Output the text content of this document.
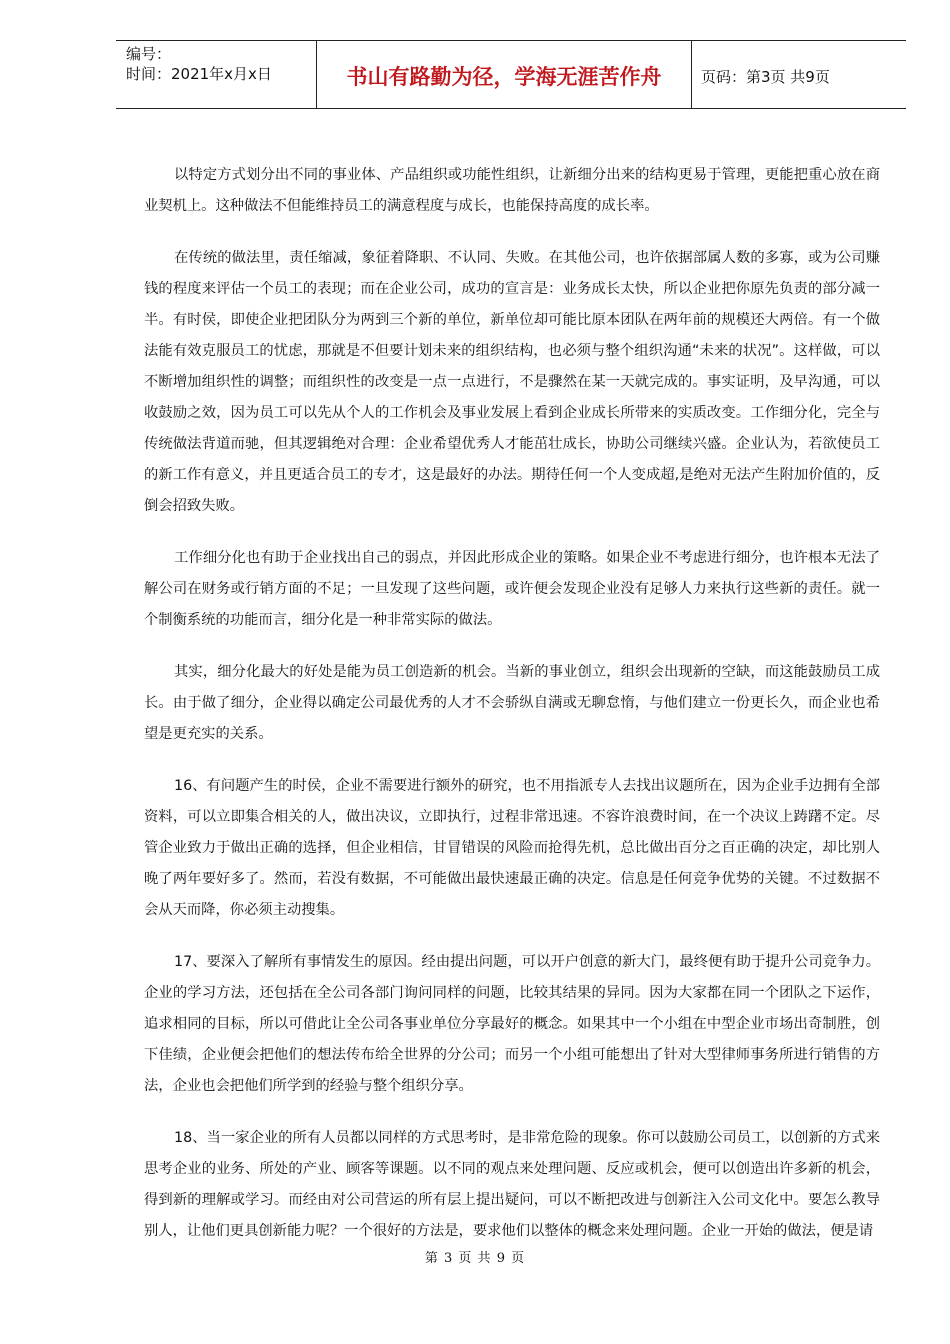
编号：
时间：2021年x月x日	书山有路勤为径，学海无涯苦作舟	页码：第3页 共9页

以特定方式划分出不同的事业体、产品组织或功能性组织，让新细分出来的结构更易于管理，更能把重心放在商业契机上。这种做法不但能维持员工的满意程度与成长，也能保持高度的成长率。

在传统的做法里，责任缩减，象征着降职、不认同、失败。在其他公司，也许依据部属人数的多寡，或为公司赚钱的程度来评估一个员工的表现；而在企业公司，成功的宣言是：业务成长太快，所以企业把你原先负责的部分减一半。有时侯，即使企业把团队分为两到三个新的单位，新单位却可能比原本团队在两年前的规模还大两倍。有一个做法能有效克服员工的忧虑，那就是不但要计划未来的组织结构，也必须与整个组织沟通“未来的状况”。这样做，可以不断增加组织性的调整；而组织性的改变是一点一点进行，不是骤然在某一天就完成的。事实证明，及早沟通，可以收鼓励之效，因为员工可以先从个人的工作机会及事业发展上看到企业成长所带来的实质改变。工作细分化，完全与传统做法背道而驰，但其逻辑绝对合理：企业希望优秀人才能茁壮成长，协助公司继续兴盛。企业认为，若欲使员工的新工作有意义，并且更适合员工的专才，这是最好的办法。期待任何一个人变成超,是绝对无法产生附加价值的，反倒会招致失败。

工作细分化也有助于企业找出自己的弱点，并因此形成企业的策略。如果企业不考虑进行细分，也许根本无法了解公司在财务或行销方面的不足；一旦发现了这些问题，或许便会发现企业没有足够人力来执行这些新的责任。就一个制衡系统的功能而言，细分化是一种非常实际的做法。

其实，细分化最大的好处是能为员工创造新的机会。当新的事业创立，组织会出现新的空缺，而这能鼓励员工成长。由于做了细分，企业得以确定公司最优秀的人才不会骄纵自满或无聊怠惰，与他们建立一份更长久，而企业也希望是更充实的关系。

16、有问题产生的时侯，企业不需要进行额外的研究，也不用指派专人去找出议题所在，因为企业手边拥有全部资料，可以立即集合相关的人，做出决议，立即执行，过程非常迅速。不容许浪费时间，在一个决议上踌躇不定。尽管企业致力于做出正确的选择，但企业相信，甘冒错误的风险而抢得先机，总比做出百分之百正确的决定，却比别人晚了两年要好多了。然而，若没有数据，不可能做出最快速最正确的决定。信息是任何竞争优势的关键。不过数据不会从天而降，你必须主动搜集。

17、要深入了解所有事情发生的原因。经由提出问题，可以开户创意的新大门，最终便有助于提升公司竞争力。企业的学习方法，还包括在全公司各部门询问同样的问题，比较其结果的异同。因为大家都在同一个团队之下运作，追求相同的目标，所以可借此让全公司各事业单位分享最好的概念。如果其中一个小组在中型企业市场出奇制胜，创下佳绩，企业便会把他们的想法传布给全世界的分公司；而另一个小组可能想出了针对大型律师事务所进行销售的方法，企业也会把他们所学到的经验与整个组织分享。

18、当一家企业的所有人员都以同样的方式思考时，是非常危险的现象。你可以鼓励公司员工，以创新的方式来思考企业的业务、所处的产业、顾客等课题。以不同的观点来处理问题、反应或机会，便可以创造出许多新的机会，得到新的理解或学习。而经由对公司营运的所有层上提出疑问，可以不断把改进与创新注入公司文化中。要怎么教导别人，让他们更具创新能力呢？一个很好的方法是，要求他们以整体的概念来处理问题。企业一开始的做法，便是请

第 3 页 共 9 页
